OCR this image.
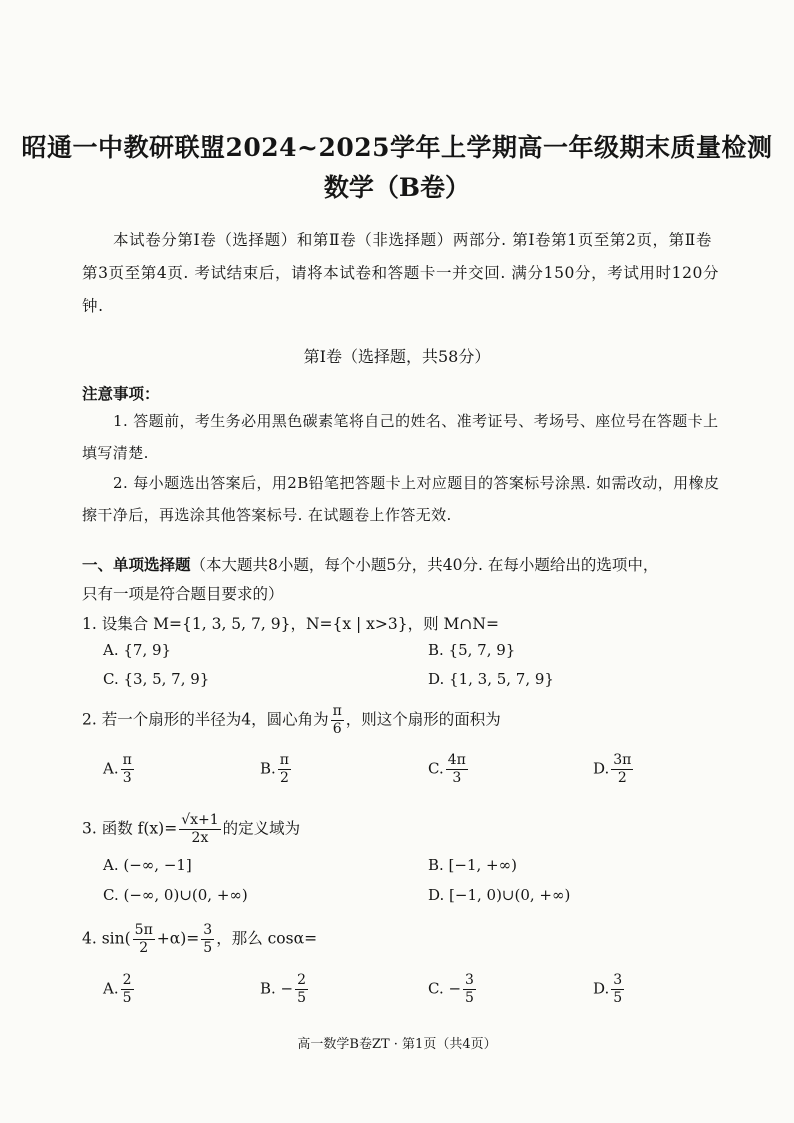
昭通一中教研联盟2024~2025学年上学期高一年级期末质量检测
数学（B卷）
本试卷分第Ⅰ卷（选择题）和第Ⅱ卷（非选择题）两部分. 第Ⅰ卷第1页至第2页，第Ⅱ卷第3页至第4页. 考试结束后，请将本试卷和答题卡一并交回. 满分150分，考试用时120分钟.
第Ⅰ卷（选择题，共58分）
注意事项：
1. 答题前，考生务必用黑色碳素笔将自己的姓名、准考证号、考场号、座位号在答题卡上填写清楚.
2. 每小题选出答案后，用2B铅笔把答题卡上对应题目的答案标号涂黑. 如需改动，用橡皮擦干净后，再选涂其他答案标号. 在试题卷上作答无效.
一、单项选择题（本大题共8小题，每个小题5分，共40分. 在每小题给出的选项中，
只有一项是符合题目要求的）
1. 设集合 M={1, 3, 5, 7, 9}，N={x | x>3}，则 M∩N=
A. {7, 9}	B. {5, 7, 9}
C. {3, 5, 7, 9}	D. {1, 3, 5, 7, 9}
2. 若一个扇形的半径为4，圆心角为 $\frac{\pi}{6}$ ，则这个扇形的面积为
A. $\frac{\pi}{3}$	B. $\frac{\pi}{2}$	C. $\frac{4\pi}{3}$	D. $\frac{3\pi}{2}$
3. 函数 $f(x)= \frac{√x+1}{2x}$ 的定义域为
A. (−∞, −1]	B. [−1, +∞)
C. (−∞, 0)∪(0, +∞)	D. [−1, 0)∪(0, +∞)
4. $\sin( \frac{5\pi}{2} +\alpha)= \frac{3}{5}$ ，那么 cosα=
A. $\frac{2}{5}$	B. − $\frac{2}{5}$	C. − $\frac{3}{5}$	D. $\frac{3}{5}$
高一数学B卷ZT · 第1页（共4页）
